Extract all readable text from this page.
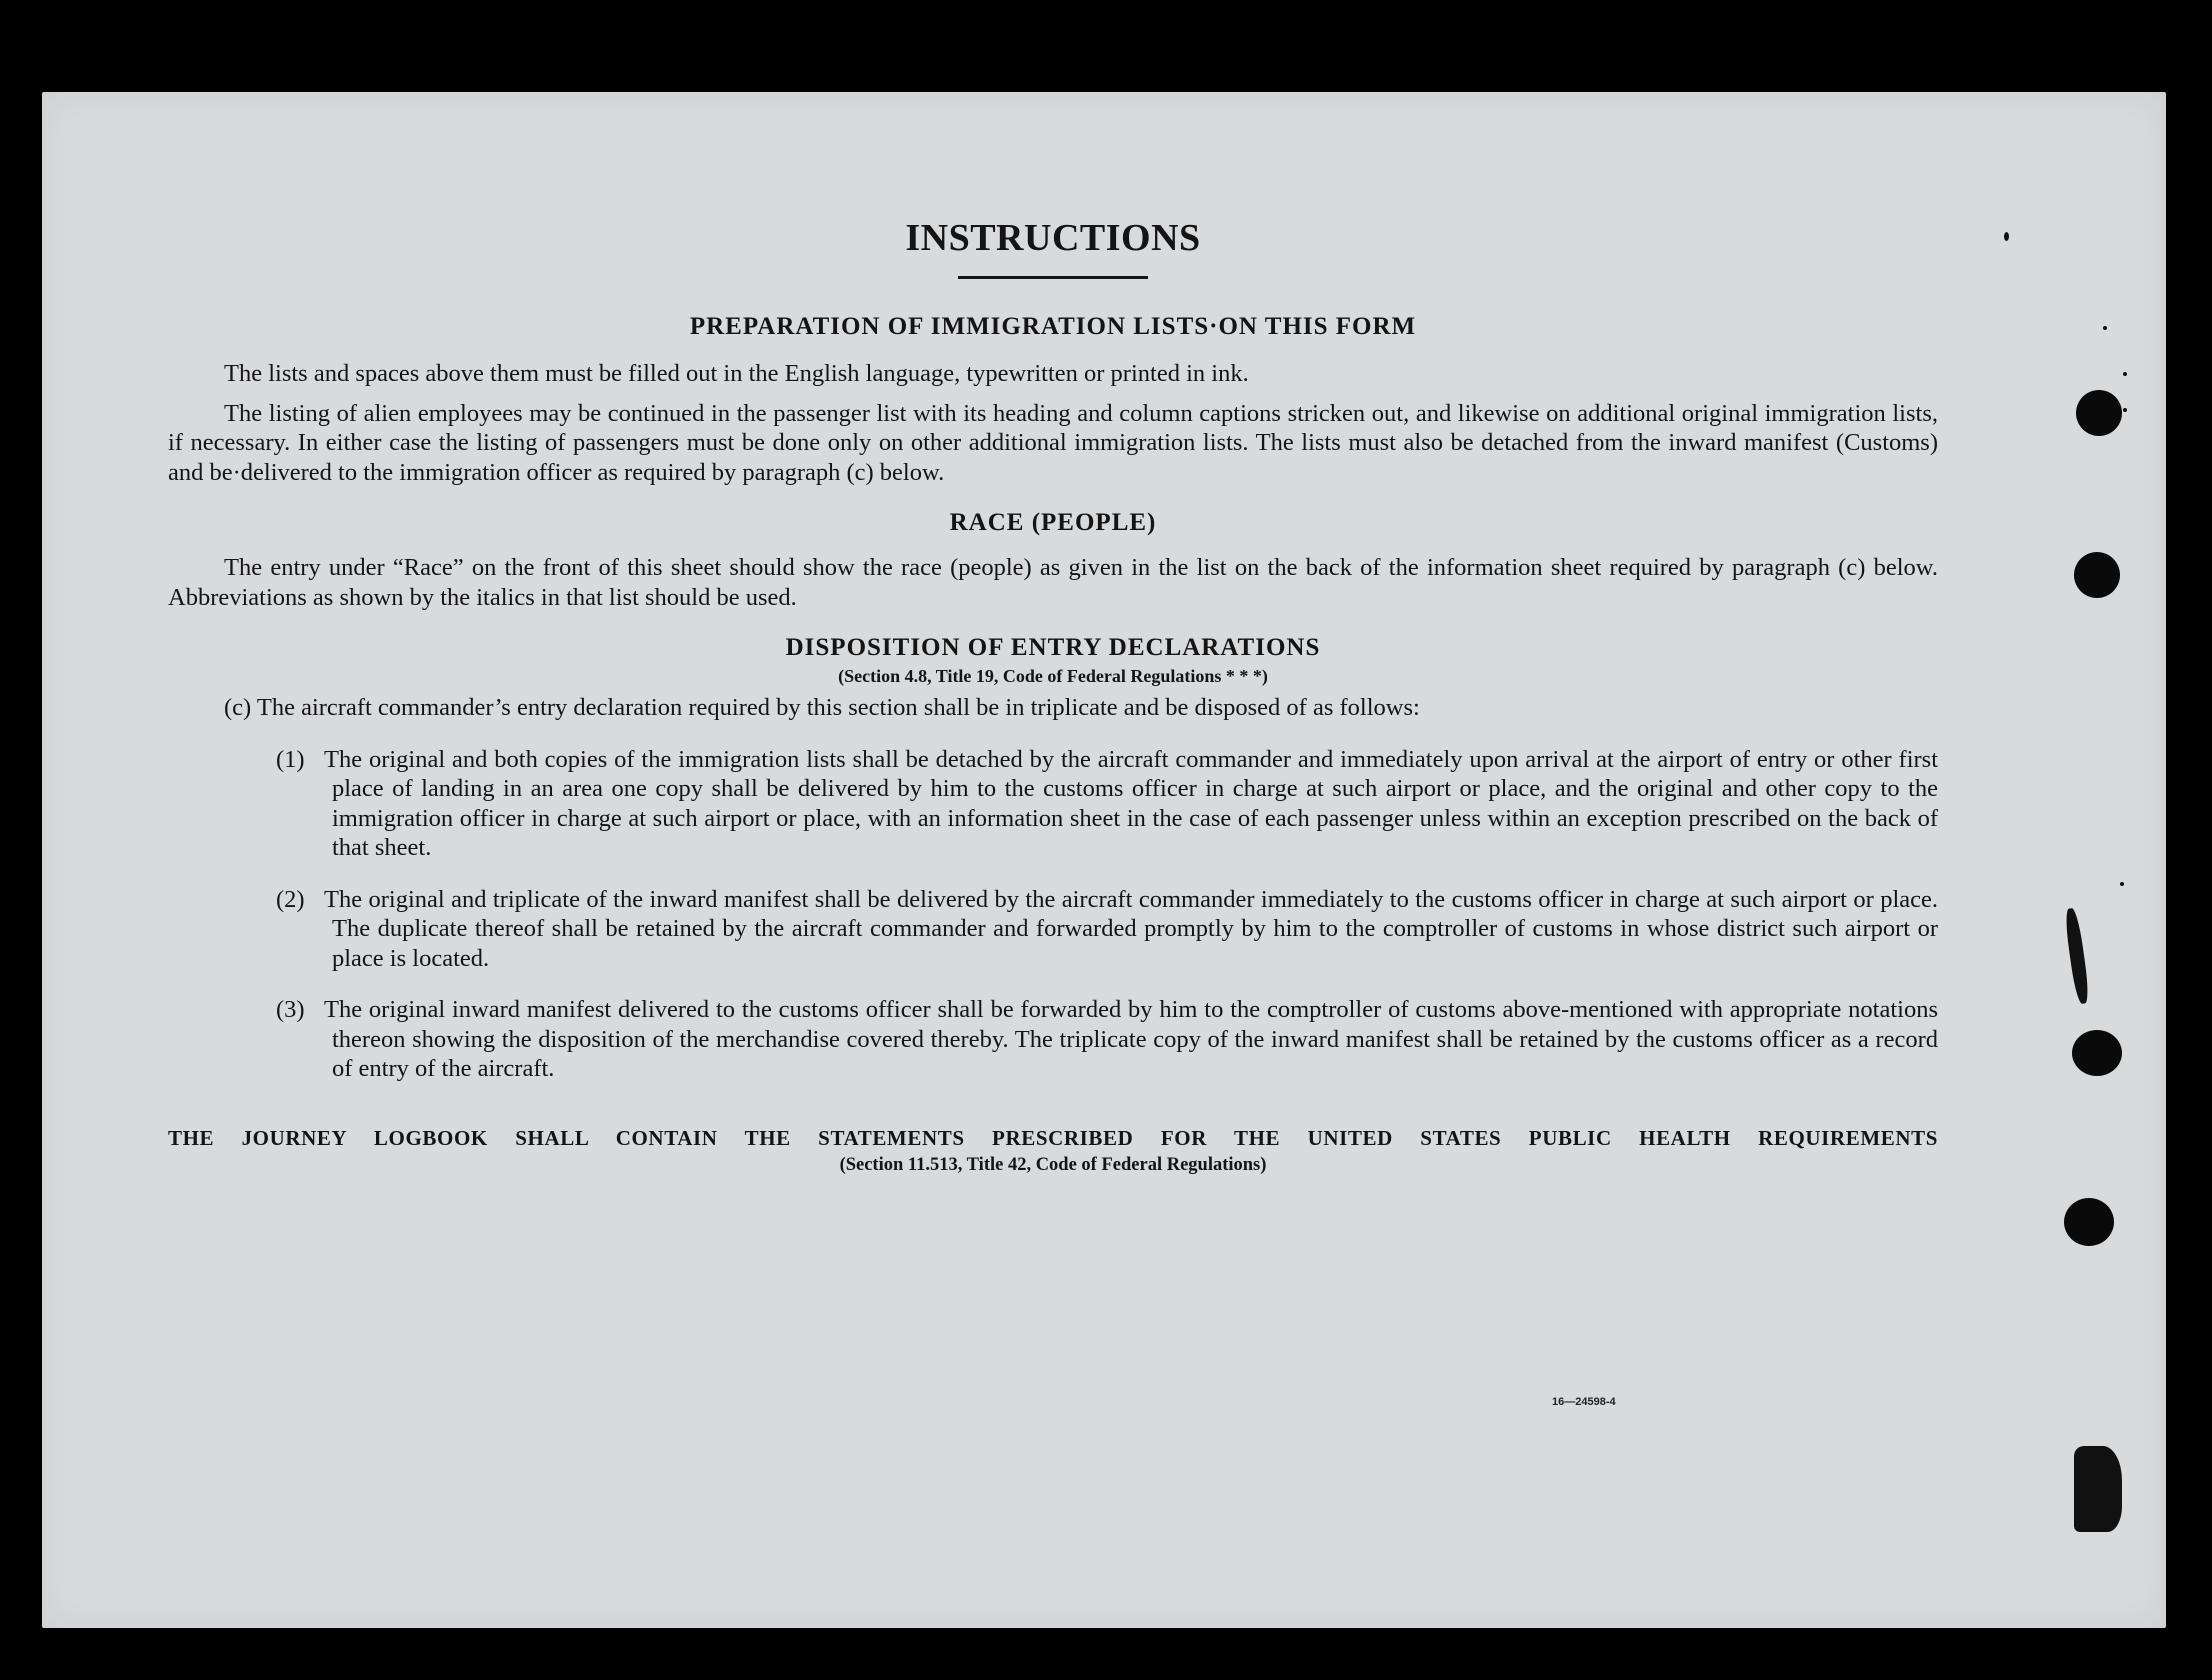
INSTRUCTIONS
PREPARATION OF IMMIGRATION LISTS·ON THIS FORM

The lists and spaces above them must be filled out in the English language, typewritten or printed in ink.

The listing of alien employees may be continued in the passenger list with its heading and column captions stricken out, and likewise on additional original immigration lists, if necessary. In either case the listing of passengers must be done only on other additional immigration lists. The lists must also be detached from the inward manifest (Customs) and be·delivered to the immigration officer as required by paragraph (c) below.

RACE (PEOPLE)

The entry under “Race” on the front of this sheet should show the race (people) as given in the list on the back of the information sheet required by paragraph (c) below. Abbreviations as shown by the italics in that list should be used.

DISPOSITION OF ENTRY DECLARATIONS

(Section 4.8, Title 19, Code of Federal Regulations * * *)

(c) The aircraft commander’s entry declaration required by this section shall be in triplicate and be disposed of as follows:

(1) The original and both copies of the immigration lists shall be detached by the aircraft commander and immediately upon arrival at the airport of entry or other first place of landing in an area one copy shall be delivered by him to the customs officer in charge at such airport or place, and the original and other copy to the immigration officer in charge at such airport or place, with an information sheet in the case of each passenger unless within an exception prescribed on the back of that sheet.

(2) The original and triplicate of the inward manifest shall be delivered by the aircraft commander immediately to the customs officer in charge at such airport or place. The duplicate thereof shall be retained by the aircraft commander and forwarded promptly by him to the comptroller of customs in whose district such airport or place is located.

(3) The original inward manifest delivered to the customs officer shall be forwarded by him to the comptroller of customs above-mentioned with appropriate notations thereon showing the disposition of the merchandise covered thereby. The triplicate copy of the inward manifest shall be retained by the customs officer as a record of entry of the aircraft.

THE JOURNEY LOGBOOK SHALL CONTAIN THE STATEMENTS PRESCRIBED FOR THE UNITED STATES PUBLIC HEALTH REQUIREMENTS

(Section 11.513, Title 42, Code of Federal Regulations)

16—24598-4
